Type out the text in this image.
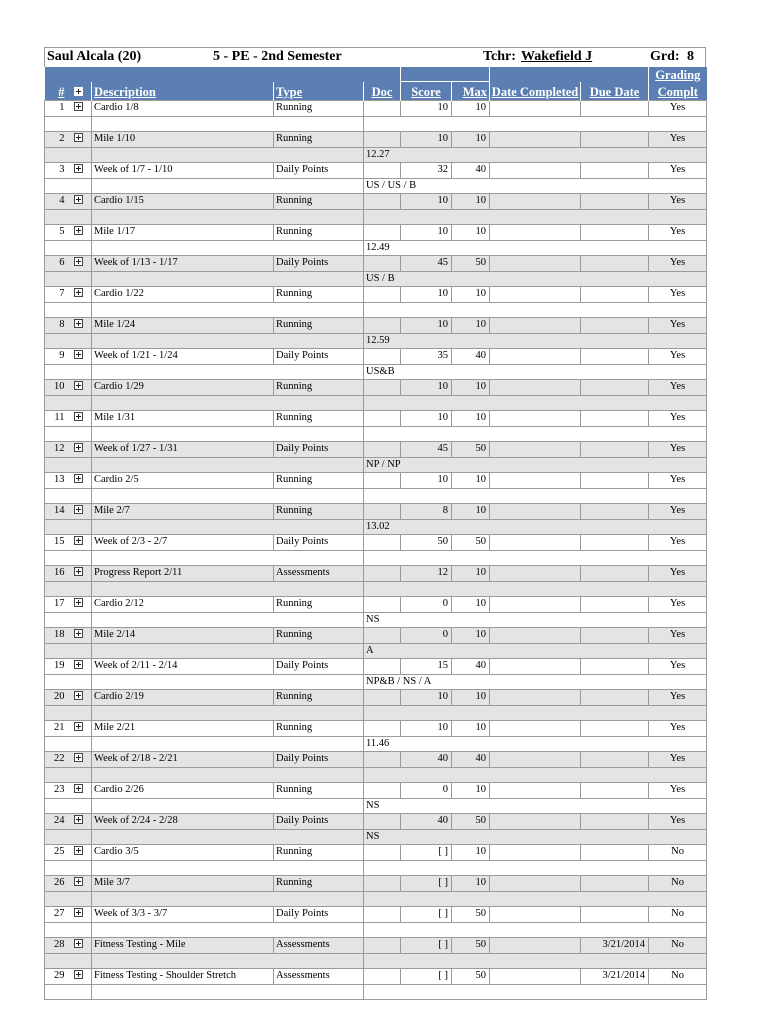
Saul Alcala (20)	5 - PE - 2nd Semester	Tchr: Wakefield J	Grd: 8
									Grading
#		Description	Type	Doc	Score	Max	Date Completed	Due Date	Complt
1		Cardio 1/8	Running		10	10			Yes

2		Mile 1/10	Running		10	10			Yes
				12.27					
3		Week of 1/7 - 1/10	Daily Points		32	40			Yes
				US / US / B					
4		Cardio 1/15	Running		10	10			Yes

5		Mile 1/17	Running		10	10			Yes
				12.49					
6		Week of 1/13 - 1/17	Daily Points		45	50			Yes
				US / B					
7		Cardio 1/22	Running		10	10			Yes

8		Mile 1/24	Running		10	10			Yes
				12.59					
9		Week of 1/21 - 1/24	Daily Points		35	40			Yes
				US&B					
10		Cardio 1/29	Running		10	10			Yes

11		Mile 1/31	Running		10	10			Yes

12		Week of 1/27 - 1/31	Daily Points		45	50			Yes
				NP / NP					
13		Cardio 2/5	Running		10	10			Yes

14		Mile 2/7	Running		8	10			Yes
				13.02					
15		Week of 2/3 - 2/7	Daily Points		50	50			Yes

16		Progress Report 2/11	Assessments		12	10			Yes

17		Cardio 2/12	Running		0	10			Yes
				NS					
18		Mile 2/14	Running		0	10			Yes
				A					
19		Week of 2/11 - 2/14	Daily Points		15	40			Yes
				NP&B / NS / A					
20		Cardio 2/19	Running		10	10			Yes

21		Mile 2/21	Running		10	10			Yes
				11.46					
22		Week of 2/18 - 2/21	Daily Points		40	40			Yes

23		Cardio 2/26	Running		0	10			Yes
				NS					
24		Week of 2/24 - 2/28	Daily Points		40	50			Yes
				NS					
25		Cardio 3/5	Running		[ ]	10			No

26		Mile 3/7	Running		[ ]	10			No

27		Week of 3/3 - 3/7	Daily Points		[ ]	50			No

28		Fitness Testing - Mile	Assessments		[ ]	50		3/21/2014	No

29		Fitness Testing - Shoulder Stretch	Assessments		[ ]	50		3/21/2014	No
